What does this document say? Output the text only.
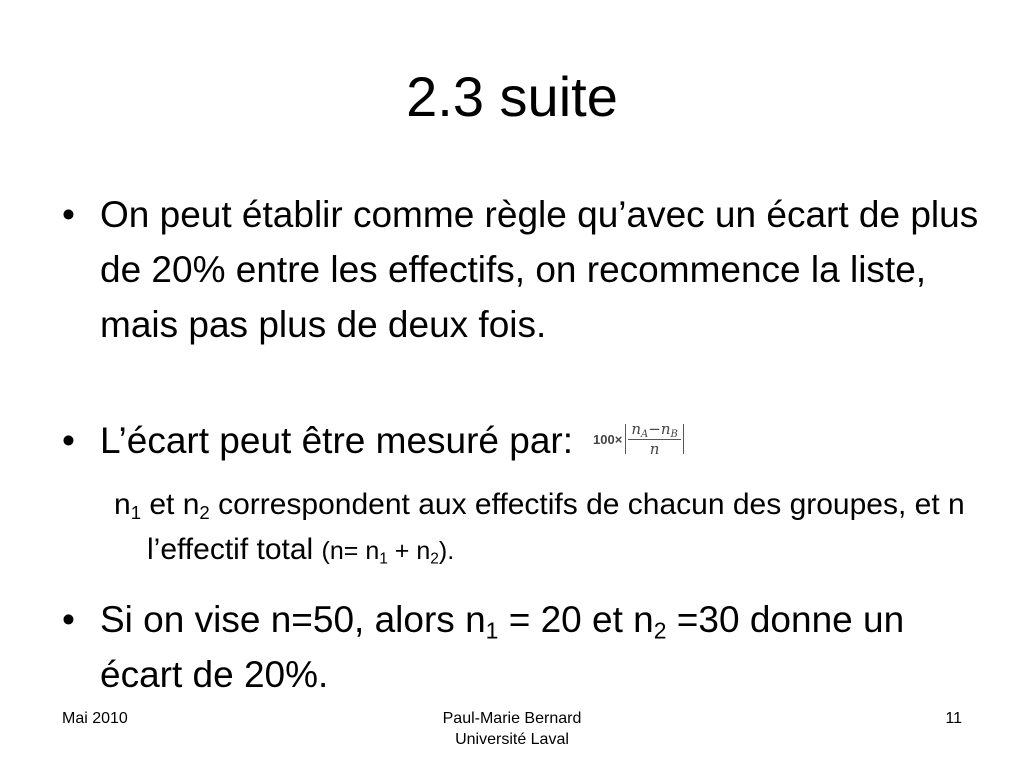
2.3 suite
• On peut établir comme règle qu’avec un écart de plus de 20% entre les effectifs, on recommence la liste, mais pas plus de deux fois.
• L’écart peut être mesuré par: $100\times \frac{n_A-n_B}{n}$
$n_1$ et $n_2$ correspondent aux effectifs de chacun des groupes, et n l’effectif total $(n= n_1 + n_2)$.
• Si on vise n=50, alors $n_1 = 20$ et $n_2 =30$ donne un écart de 20%.
Mai 2010	Paul-Marie Bernard
Université Laval
11
